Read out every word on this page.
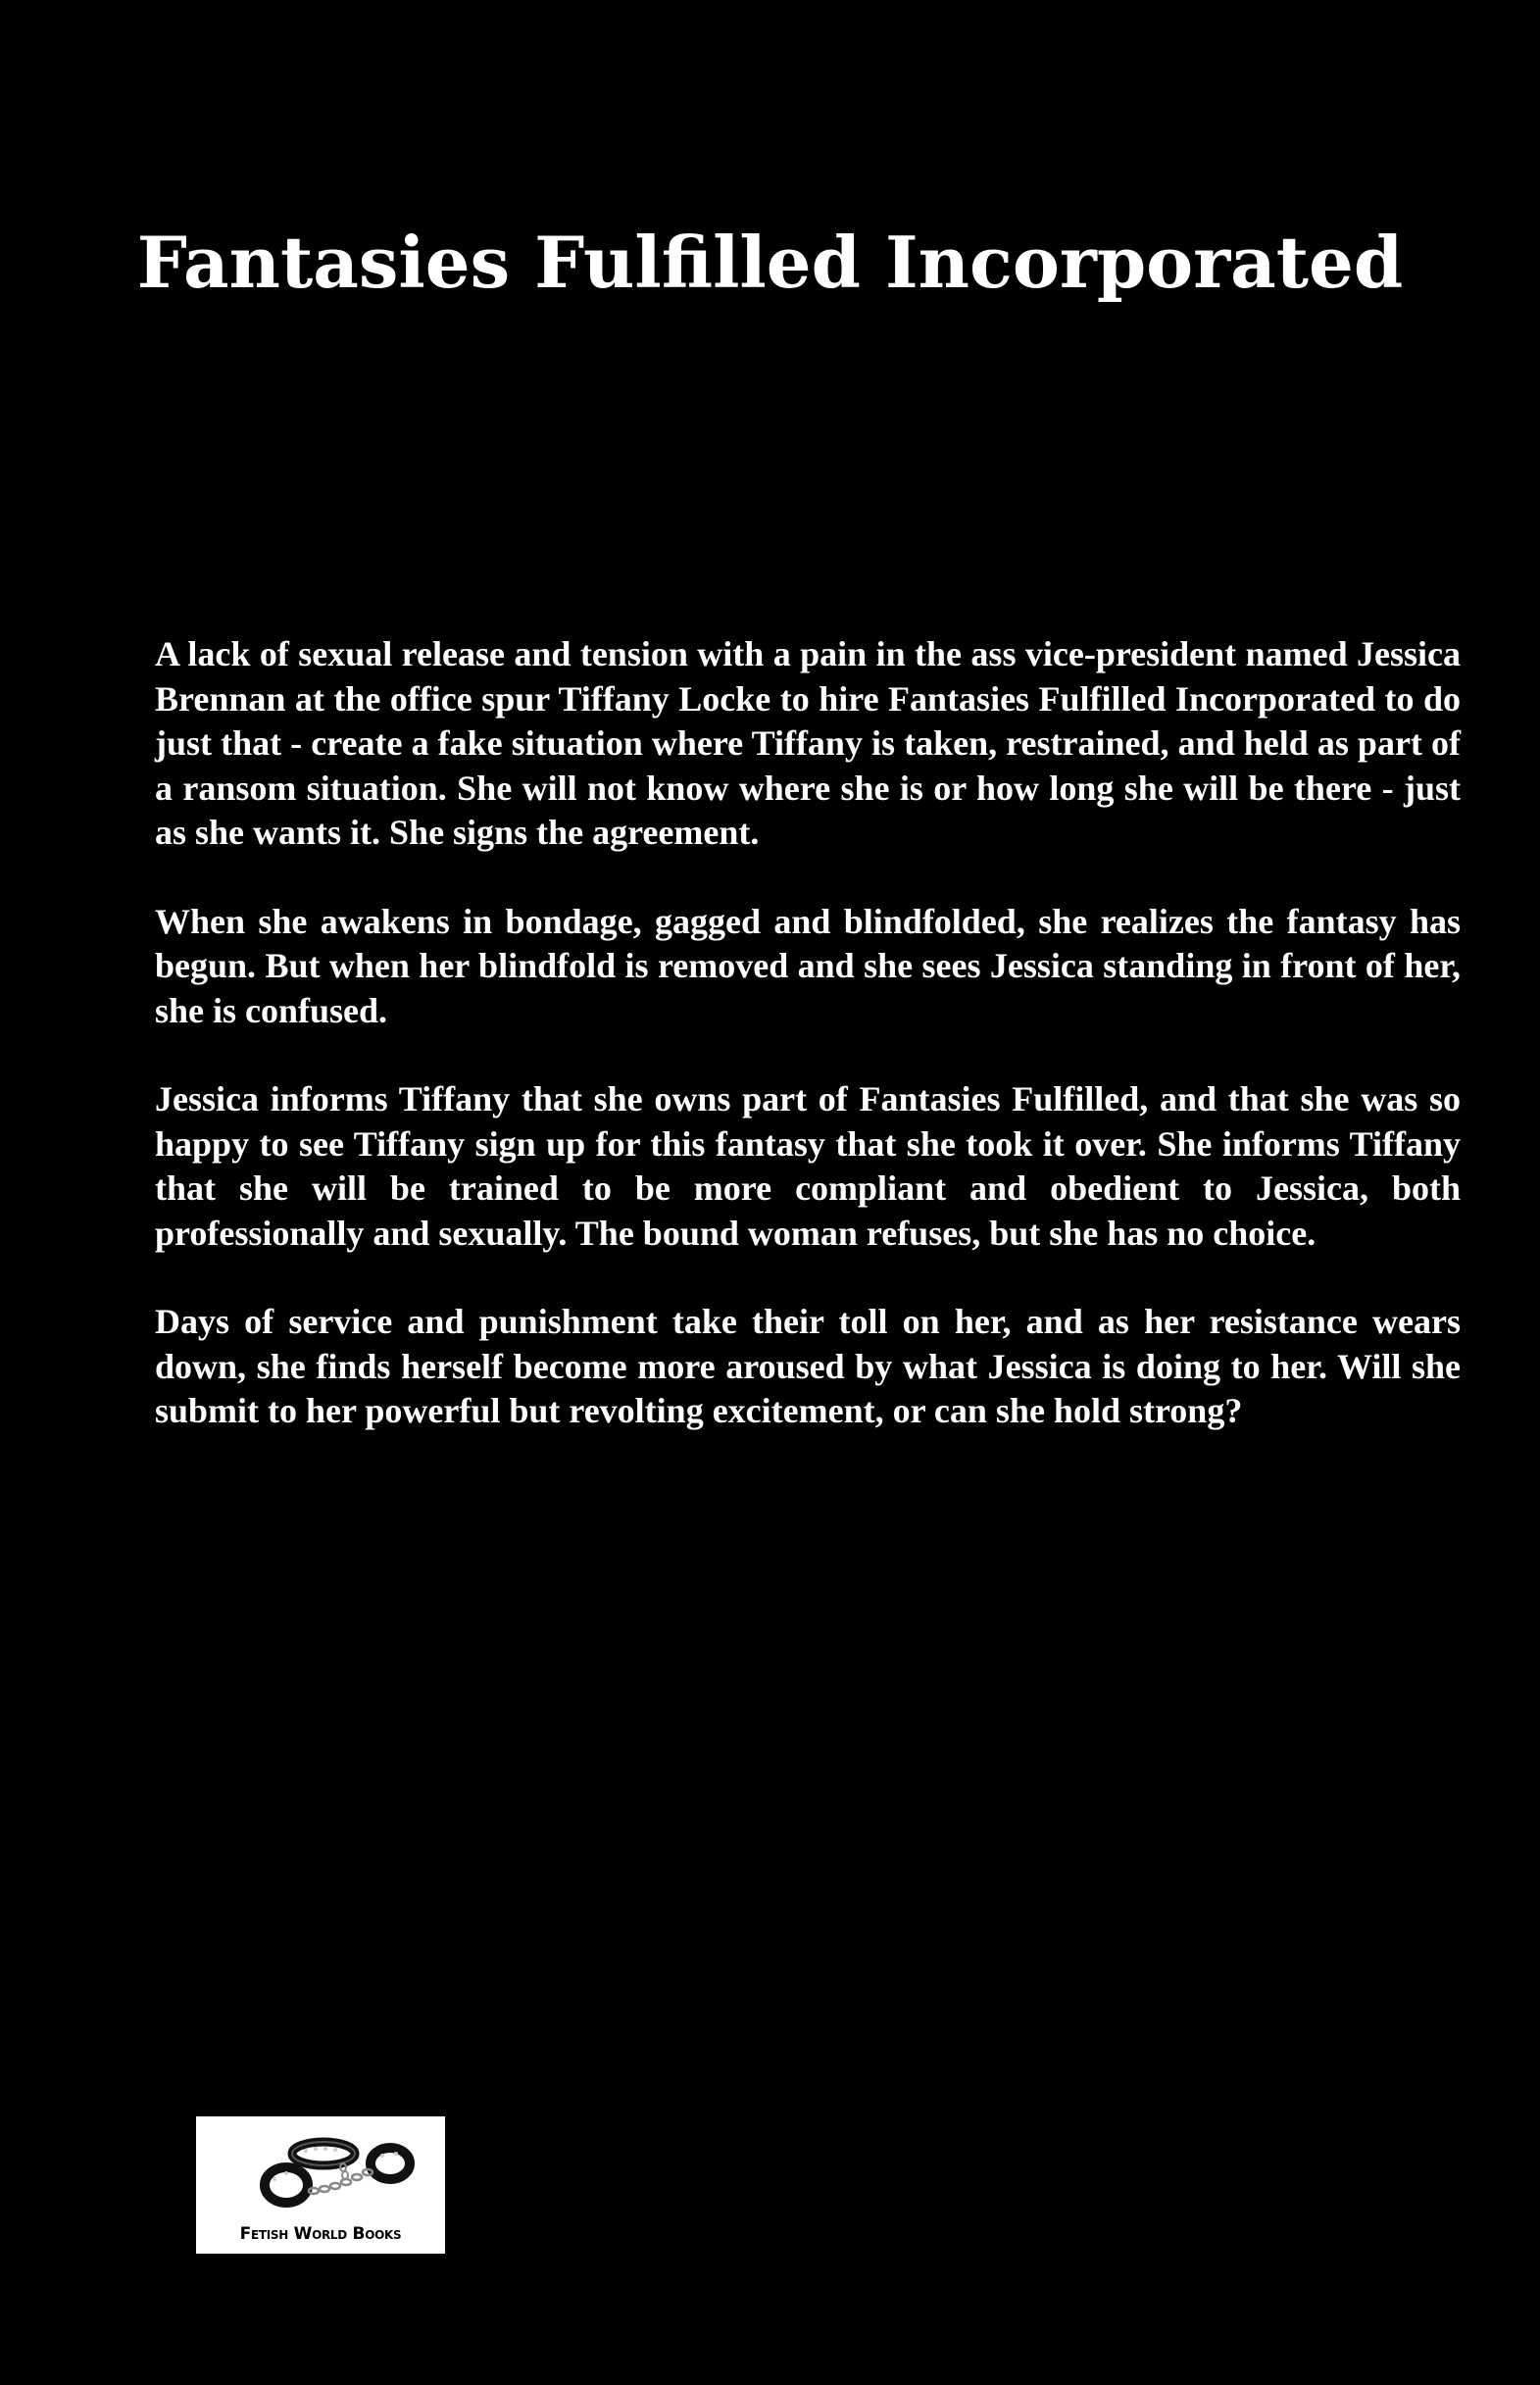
Fantasies Fulfilled Incorporated

A lack of sexual release and tension with a pain in the ass vice-president named Jessica Brennan at the office spur Tiffany Locke to hire Fantasies Fulfilled Incorporated to do just that - create a fake situation where Tiffany is taken, restrained, and held as part of a ransom situation. She will not know where she is or how long she will be there - just as she wants it. She signs the agreement.

When she awakens in bondage, gagged and blindfolded, she realizes the fantasy has begun. But when her blindfold is removed and she sees Jessica standing in front of her, she is confused.

Jessica informs Tiffany that she owns part of Fantasies Fulfilled, and that she was so happy to see Tiffany sign up for this fantasy that she took it over. She informs Tiffany that she will be trained to be more compliant and obedient to Jessica, both professionally and sexually. The bound woman refuses, but she has no choice.

Days of service and punishment take their toll on her, and as her resistance wears down, she finds herself become more aroused by what Jessica is doing to her. Will she submit to her powerful but revolting excitement, or can she hold strong?

Fetish World Books
